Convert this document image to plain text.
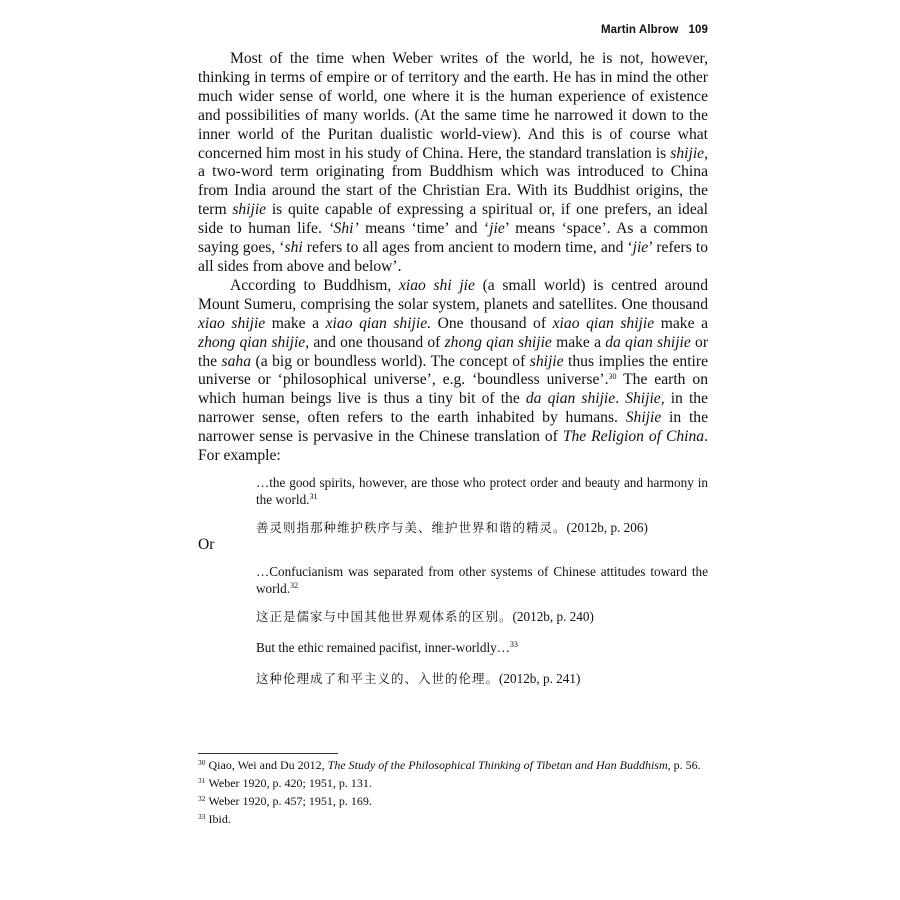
Martin Albrow 109

Most of the time when Weber writes of the world, he is not, however, thinking in terms of empire or of territory and the earth. He has in mind the other much wider sense of world, one where it is the human experience of existence and possibilities of many worlds. (At the same time he narrowed it down to the inner world of the Puritan dualistic world-view). And this is of course what concerned him most in his study of China. Here, the standard translation is shijie, a two-word term originating from Buddhism which was introduced to China from India around the start of the Christian Era. With its Buddhist origins, the term shijie is quite capable of expressing a spiritual or, if one prefers, an ideal side to human life. ‘Shi’ means ‘time’ and ‘jie’ means ‘space’. As a common saying goes, ‘shi refers to all ages from ancient to modern time, and ‘jie’ refers to all sides from above and below’.

According to Buddhism, xiao shi jie (a small world) is centred around Mount Sumeru, comprising the solar system, planets and satellites. One thousand xiao shijie make a xiao qian shijie. One thousand of xiao qian shijie make a zhong qian shijie, and one thousand of zhong qian shijie make a da qian shijie or the saha (a big or boundless world). The concept of shijie thus implies the entire universe or ‘philosophical universe’, e.g. ‘boundless universe’.$^{30}$ The earth on which human beings live is thus a tiny bit of the da qian shijie. Shijie, in the narrower sense, often refers to the earth inhabited by humans. Shijie in the narrower sense is pervasive in the Chinese translation of The Religion of China. For example:

…the good spirits, however, are those who protect order and beauty and harmony in the world.$^{31}$
善灵则指那种维护秩序与美、维护世界和谐的精灵。(2012b, p. 206)

Or

…Confucianism was separated from other systems of Chinese attitudes toward the world.$^{32}$
这正是儒家与中国其他世界观体系的区别。(2012b, p. 240)
But the ethic remained pacifist, inner-worldly…$^{33}$
这种伦理成了和平主义的、入世的伦理。(2012b, p. 241)
$^{30}$ Qiao, Wei and Du 2012, The Study of the Philosophical Thinking of Tibetan and Han Buddhism, p. 56.
$^{31}$ Weber 1920, p. 420; 1951, p. 131.
$^{32}$ Weber 1920, p. 457; 1951, p. 169.
$^{33}$ Ibid.
